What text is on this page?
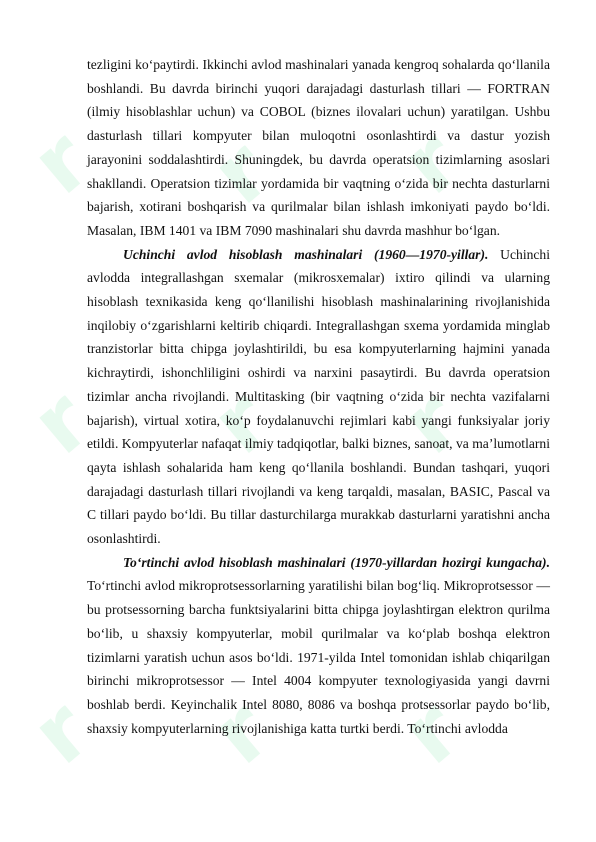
r r r
r r r
r r r

tezligini ko‘paytirdi. Ikkinchi avlod mashinalari yanada kengroq sohalarda qo‘llanila boshlandi. Bu davrda birinchi yuqori darajadagi dasturlash tillari — FORTRAN (ilmiy hisoblashlar uchun) va COBOL (biznes ilovalari uchun) yaratilgan. Ushbu dasturlash tillari kompyuter bilan muloqotni osonlashtirdi va dastur yozish jarayonini soddalashtirdi. Shuningdek, bu davrda operatsion tizimlarning asoslari shakllandi. Operatsion tizimlar yordamida bir vaqtning o‘zida bir nechta dasturlarni bajarish, xotirani boshqarish va qurilmalar bilan ishlash imkoniyati paydo bo‘ldi. Masalan, IBM 1401 va IBM 7090 mashinalari shu davrda mashhur bo‘lgan.

Uchinchi avlod hisoblash mashinalari (1960—1970-yillar). Uchinchi avlodda integrallashgan sxemalar (mikrosxemalar) ixtiro qilindi va ularning hisoblash texnikasida keng qo‘llanilishi hisoblash mashinalarining rivojlanishida inqilobiy o‘zgarishlarni keltirib chiqardi. Integrallashgan sxema yordamida minglab tranzistorlar bitta chipga joylashtirildi, bu esa kompyuterlarning hajmini yanada kichraytirdi, ishonchliligini oshirdi va narxini pasaytirdi. Bu davrda operatsion tizimlar ancha rivojlandi. Multitasking (bir vaqtning o‘zida bir nechta vazifalarni bajarish), virtual xotira, ko‘p foydalanuvchi rejimlari kabi yangi funksiyalar joriy etildi. Kompyuterlar nafaqat ilmiy tadqiqotlar, balki biznes, sanoat, va ma’lumotlarni qayta ishlash sohalarida ham keng qo‘llanila boshlandi. Bundan tashqari, yuqori darajadagi dasturlash tillari rivojlandi va keng tarqaldi, masalan, BASIC, Pascal va C tillari paydo bo‘ldi. Bu tillar dasturchilarga murakkab dasturlarni yaratishni ancha osonlashtirdi.

To‘rtinchi avlod hisoblash mashinalari (1970-yillardan hozirgi kungacha). To‘rtinchi avlod mikroprotsessorlarning yaratilishi bilan bog‘liq. Mikroprotsessor — bu protsessorning barcha funktsiyalarini bitta chipga joylashtirgan elektron qurilma bo‘lib, u shaxsiy kompyuterlar, mobil qurilmalar va ko‘plab boshqa elektron tizimlarni yaratish uchun asos bo‘ldi. 1971-yilda Intel tomonidan ishlab chiqarilgan birinchi mikroprotsessor — Intel 4004 kompyuter texnologiyasida yangi davrni boshlab berdi. Keyinchalik Intel 8080, 8086 va boshqa protsessorlar paydo bo‘lib, shaxsiy kompyuterlarning rivojlanishiga katta turtki berdi. To‘rtinchi avlodda
